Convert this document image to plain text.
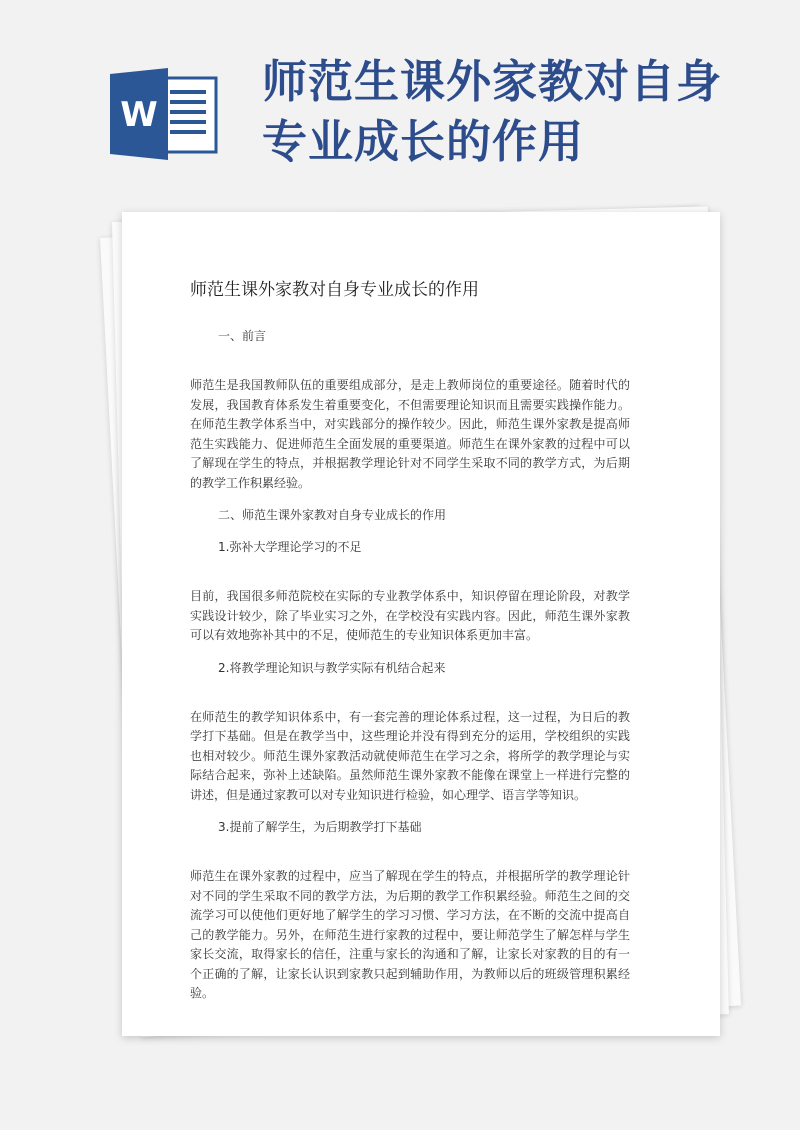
W
师范生课外家教对自身
专业成长的作用
师范生课外家教对自身专业成长的作用

一、前言

师范生是我国教师队伍的重要组成部分，是走上教师岗位的重要途径。随着时代的发展，我国教育体系发生着重要变化，不但需要理论知识而且需要实践操作能力。在师范生教学体系当中，对实践部分的操作较少。因此，师范生课外家教是提高师范生实践能力、促进师范生全面发展的重要渠道。师范生在课外家教的过程中可以了解现在学生的特点，并根据教学理论针对不同学生采取不同的教学方式，为后期的教学工作积累经验。

二、师范生课外家教对自身专业成长的作用

1.弥补大学理论学习的不足

目前，我国很多师范院校在实际的专业教学体系中，知识停留在理论阶段，对教学实践设计较少，除了毕业实习之外，在学校没有实践内容。因此，师范生课外家教可以有效地弥补其中的不足，使师范生的专业知识体系更加丰富。

2.将教学理论知识与教学实际有机结合起来

在师范生的教学知识体系中，有一套完善的理论体系过程，这一过程，为日后的教学打下基础。但是在教学当中，这些理论并没有得到充分的运用，学校组织的实践也相对较少。师范生课外家教活动就使师范生在学习之余，将所学的教学理论与实际结合起来，弥补上述缺陷。虽然师范生课外家教不能像在课堂上一样进行完整的讲述，但是通过家教可以对专业知识进行检验，如心理学、语言学等知识。

3.提前了解学生，为后期教学打下基础

师范生在课外家教的过程中，应当了解现在学生的特点，并根据所学的教学理论针对不同的学生采取不同的教学方法，为后期的教学工作积累经验。师范生之间的交流学习可以使他们更好地了解学生的学习习惯、学习方法，在不断的交流中提高自己的教学能力。另外，在师范生进行家教的过程中，要让师范学生了解怎样与学生家长交流，取得家长的信任，注重与家长的沟通和了解，让家长对家教的目的有一个正确的了解，让家长认识到家教只起到辅助作用，为教师以后的班级管理积累经验。
